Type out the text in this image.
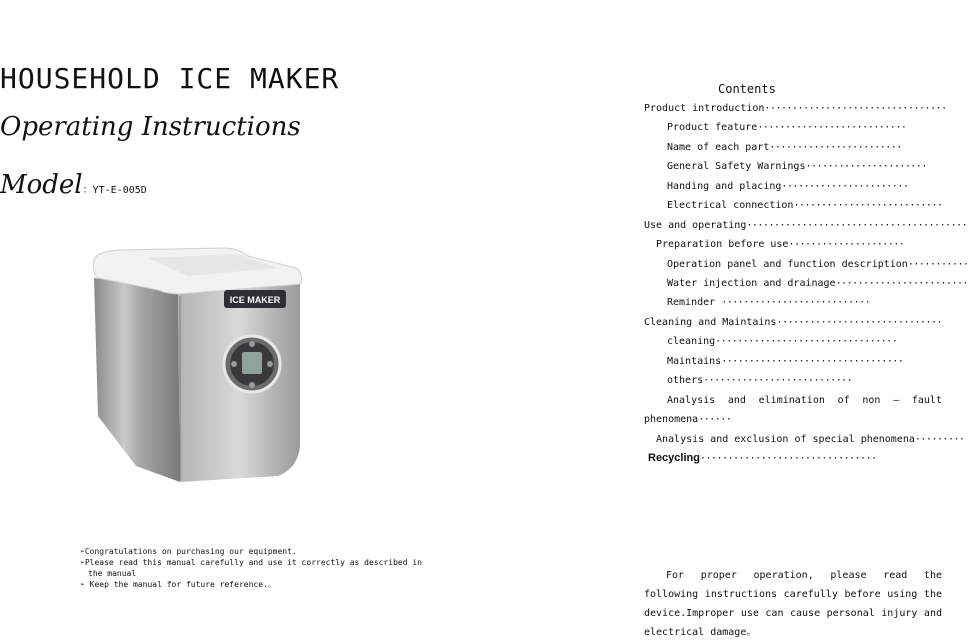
HOUSEHOLD ICE MAKER
Operating Instructions
Model：YT-E-005D
ICE MAKER
➢Congratulations on purchasing our equipment.
➢Please read this manual carefully and use it correctly as described in the manual
➢ Keep the manual for future reference.。
Contents
Product introduction·································
Product feature···························
Name of each part························
General Safety Warnings······················
Handing and placing·······················
Electrical connection···························
Use and operating········································
Preparation before use·····················
Operation panel and function description···········
Water injection and drainage························
Reminder ···························
Cleaning and Maintains······························
cleaning·································
Maintains·································
others···························
Analysis and elimination of non – fault
phenomena······
Analysis and exclusion of special phenomena·········
Recycling································
For proper operation, please read the following instructions carefully before using the device.Improper use can cause personal injury and electrical damage。
